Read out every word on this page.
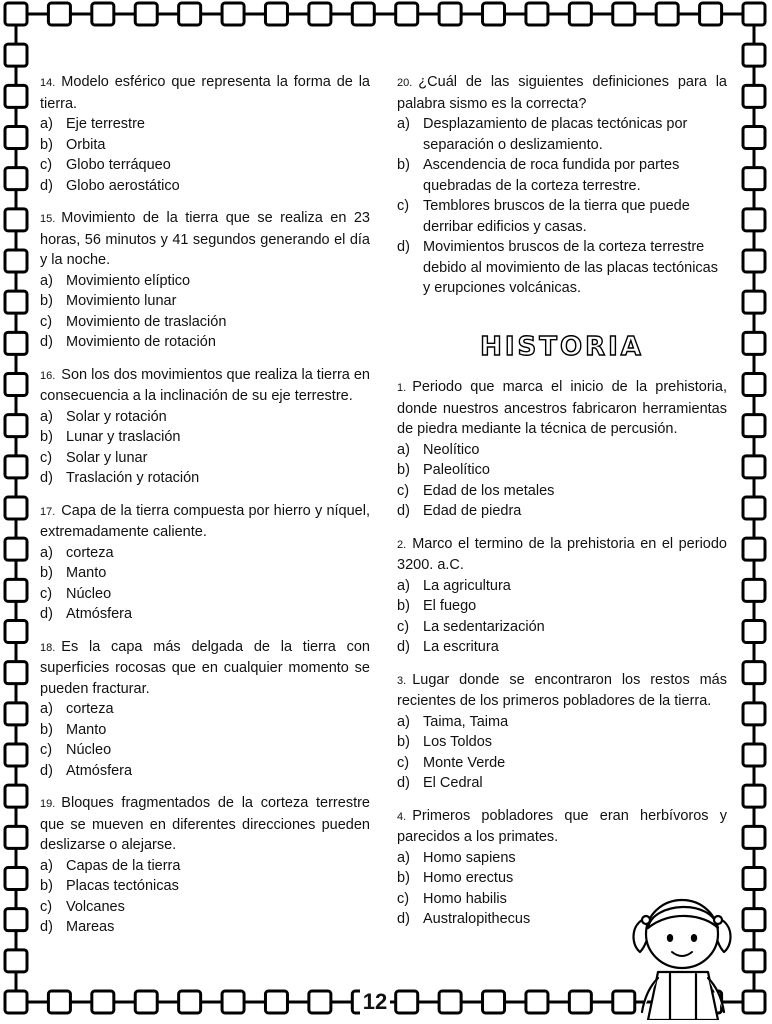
14. Modelo esférico que representa la forma de la tierra.
a) Eje terrestre
b) Orbita
c) Globo terráqueo
d) Globo aerostático
15. Movimiento de la tierra que se realiza en 23 horas, 56 minutos y 41 segundos generando el día y la noche.
a) Movimiento elíptico
b) Movimiento lunar
c) Movimiento de traslación
d) Movimiento de rotación
16. Son los dos movimientos que realiza la tierra en consecuencia a la inclinación de su eje terrestre.
a) Solar y rotación
b) Lunar y traslación
c) Solar y lunar
d) Traslación y rotación
17. Capa de la tierra compuesta por hierro y níquel, extremadamente caliente.
a) corteza
b) Manto
c) Núcleo
d) Atmósfera
18. Es la capa más delgada de la tierra con superficies rocosas que en cualquier momento se pueden fracturar.
a) corteza
b) Manto
c) Núcleo
d) Atmósfera
19. Bloques fragmentados de la corteza terrestre que se mueven en diferentes direcciones pueden deslizarse o alejarse.
a) Capas de la tierra
b) Placas tectónicas
c) Volcanes
d) Mareas
20. ¿Cuál de las siguientes definiciones para la palabra sismo es la correcta?
a) Desplazamiento de placas tectónicas por separación o deslizamiento.
b) Ascendencia de roca fundida por partes quebradas de la corteza terrestre.
c) Temblores bruscos de la tierra que puede derribar edificios y casas.
d) Movimientos bruscos de la corteza terrestre debido al movimiento de las placas tectónicas y erupciones volcánicas.
HISTORIA
1. Periodo que marca el inicio de la prehistoria, donde nuestros ancestros fabricaron herramientas de piedra mediante la técnica de percusión.
a) Neolítico
b) Paleolítico
c) Edad de los metales
d) Edad de piedra
2. Marco el termino de la prehistoria en el periodo 3200. a.C.
a) La agricultura
b) El fuego
c) La sedentarización
d) La escritura
3. Lugar donde se encontraron los restos más recientes de los primeros pobladores de la tierra.
a) Taima, Taima
b) Los Toldos
c) Monte Verde
d) El Cedral
4. Primeros pobladores que eran herbívoros y parecidos a los primates.
a) Homo sapiens
b) Homo erectus
c) Homo habilis
d) Australopithecus
12
